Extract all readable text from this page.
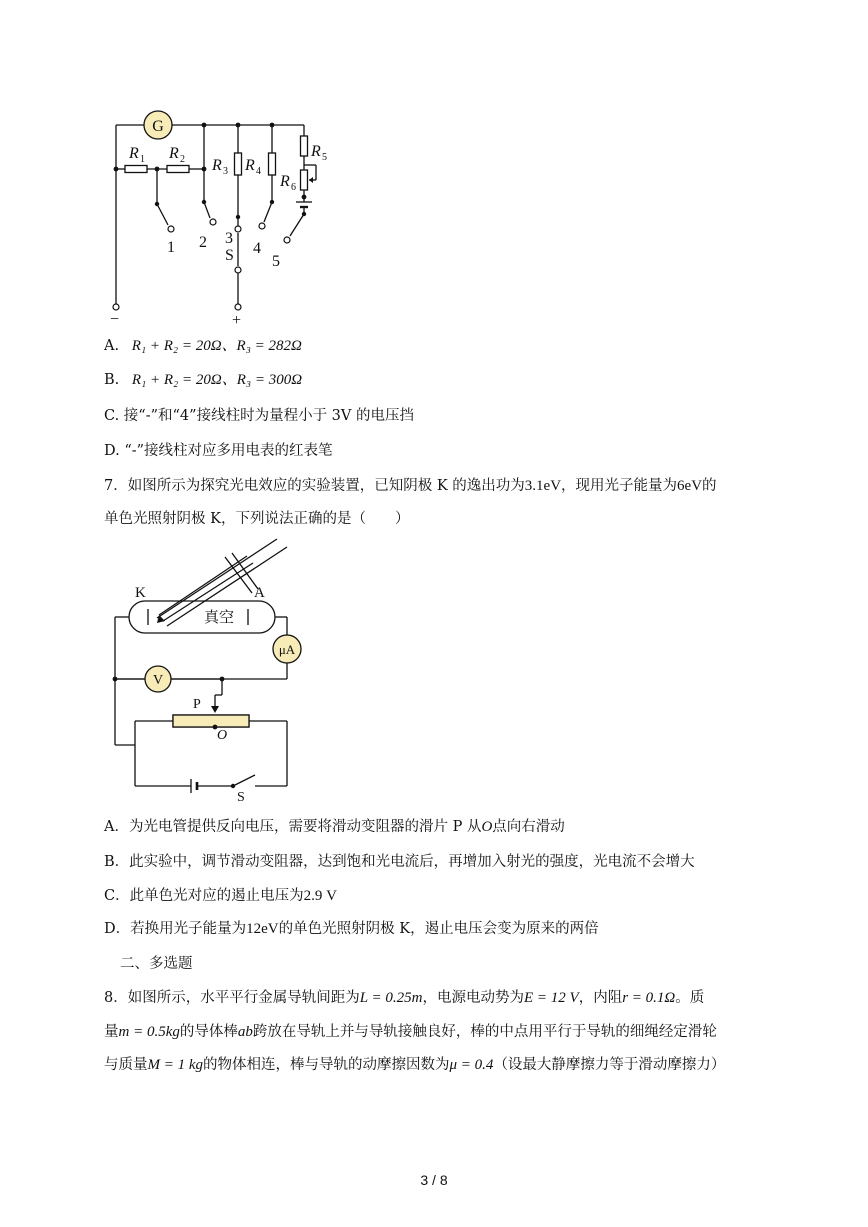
G
R 1 R 2 R 3 R 4
R 5
R 6
1 2 3
4
5
S
−	+
A. R₁ + R₂ = 20Ω、R₃ = 282Ω
B. R₁ + R₂ = 20Ω、R₃ = 300Ω
C. 接“-”和“4”接线柱时为量程小于 3V 的电压挡
D. “-”接线柱对应多用电表的红表笔
7．如图所示为探究光电效应的实验装置，已知阴极 K 的逸出功为3.1eV，现用光子能量为6eV的
单色光照射阴极 K，下列说法正确的是（　　）
K	A
真空
μA
V
P
O
S
A．为光电管提供反向电压，需要将滑动变阻器的滑片 P 从O点向右滑动
B．此实验中，调节滑动变阻器，达到饱和光电流后，再增加入射光的强度，光电流不会增大
C．此单色光对应的遏止电压为2.9 V
D．若换用光子能量为12eV的单色光照射阴极 K，遏止电压会变为原来的两倍
二、多选题
8．如图所示，水平平行金属导轨间距为L = 0.25m，电源电动势为E = 12 V，内阻r = 0.1Ω。质
量m = 0.5kg的导体棒ab跨放在导轨上并与导轨接触良好，棒的中点用平行于导轨的细绳经定滑轮
与质量M = 1 kg的物体相连，棒与导轨的动摩擦因数为μ = 0.4（设最大静摩擦力等于滑动摩擦力）
3 / 8
